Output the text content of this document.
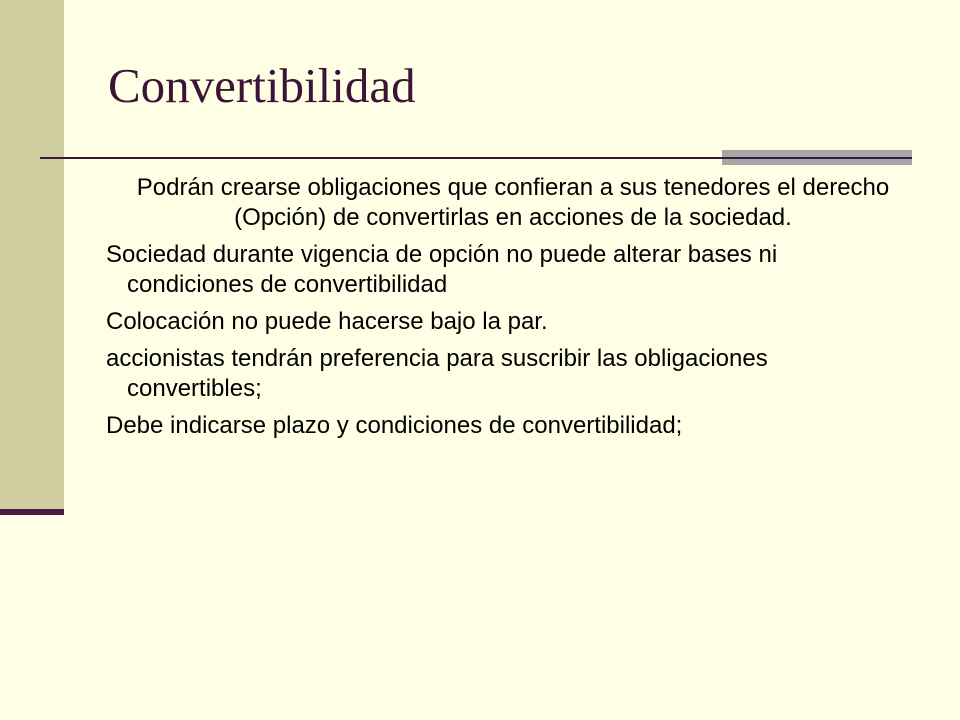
Convertibilidad

Podrán crearse obligaciones que confieran a sus tenedores el derecho (Opción) de convertirlas en acciones de la sociedad.

Sociedad durante vigencia de opción no puede alterar bases ni condiciones de convertibilidad

Colocación no puede hacerse bajo la par.

accionistas tendrán preferencia para suscribir las obligaciones convertibles;

Debe indicarse plazo y condiciones de convertibilidad;
